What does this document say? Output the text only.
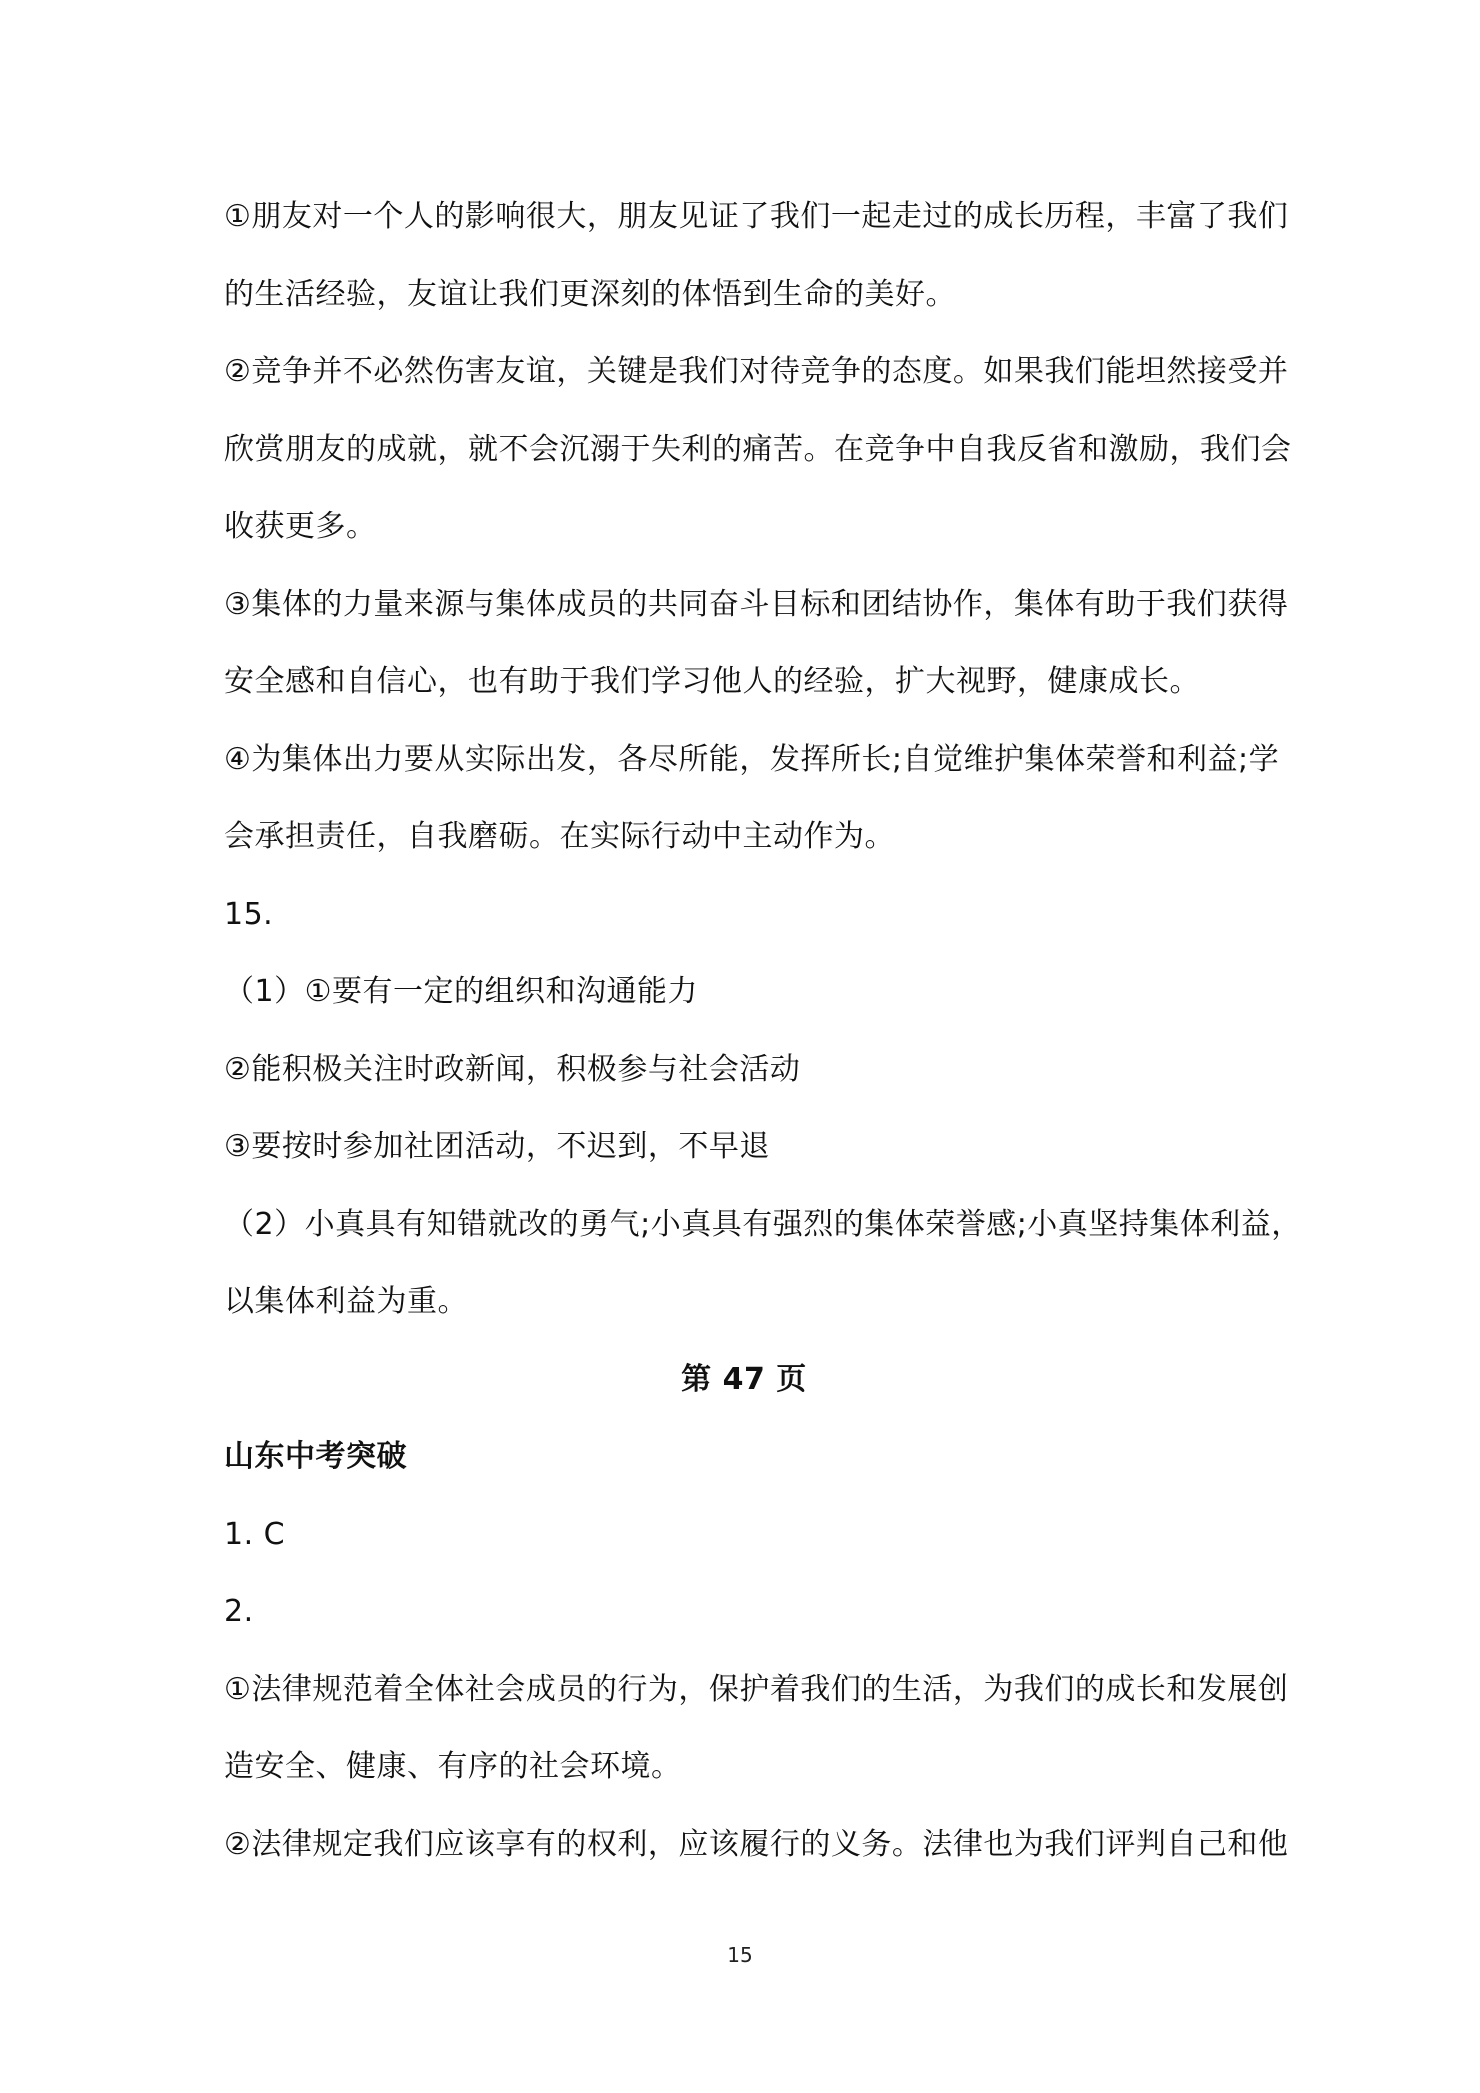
①朋友对一个人的影响很大，朋友见证了我们一起走过的成长历程，丰富了我们
的生活经验，友谊让我们更深刻的体悟到生命的美好。
②竞争并不必然伤害友谊，关键是我们对待竞争的态度。如果我们能坦然接受并
欣赏朋友的成就，就不会沉溺于失利的痛苦。在竞争中自我反省和激励，我们会
收获更多。
③集体的力量来源与集体成员的共同奋斗目标和团结协作，集体有助于我们获得
安全感和自信心，也有助于我们学习他人的经验，扩大视野，健康成长。
④为集体出力要从实际出发，各尽所能，发挥所长;自觉维护集体荣誉和利益;学
会承担责任，自我磨砺。在实际行动中主动作为。
15.
（1）①要有一定的组织和沟通能力
②能积极关注时政新闻，积极参与社会活动
③要按时参加社团活动，不迟到，不早退
（2）小真具有知错就改的勇气;小真具有强烈的集体荣誉感;小真坚持集体利益，
以集体利益为重。
第 47 页
山东中考突破
1. C
2.
①法律规范着全体社会成员的行为，保护着我们的生活，为我们的成长和发展创
造安全、健康、有序的社会环境。
②法律规定我们应该享有的权利，应该履行的义务。法律也为我们评判自己和他
15
